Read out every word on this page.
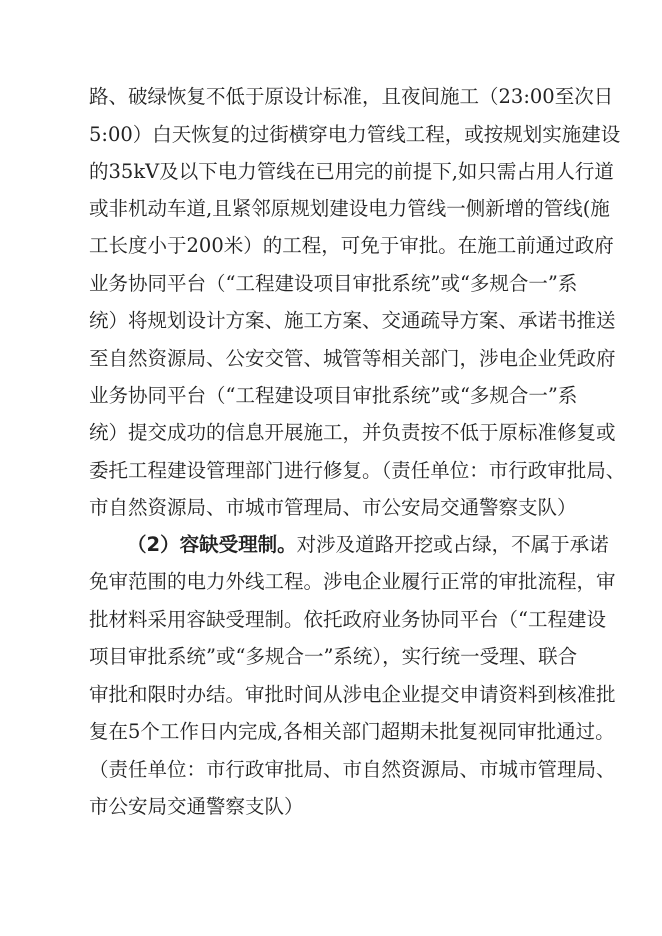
路、破绿恢复不低于原设计标准，且夜间施工（23:00至次日
5:00）白天恢复的过街横穿电力管线工程，或按规划实施建设
的35kV及以下电力管线在已用完的前提下,如只需占用人行道
或非机动车道,且紧邻原规划建设电力管线一侧新增的管线(施
工长度小于200米）的工程，可免于审批。在施工前通过政府
业务协同平台（“工程建设项目审批系统”或“多规合一”系
统）将规划设计方案、施工方案、交通疏导方案、承诺书推送
至自然资源局、公安交管、城管等相关部门，涉电企业凭政府
业务协同平台（“工程建设项目审批系统”或“多规合一”系
统）提交成功的信息开展施工，并负责按不低于原标准修复或
委托工程建设管理部门进行修复。（责任单位：市行政审批局、
市自然资源局、市城市管理局、市公安局交通警察支队）
（2）容缺受理制。对涉及道路开挖或占绿，不属于承诺
免审范围的电力外线工程。涉电企业履行正常的审批流程，审
批材料采用容缺受理制。依托政府业务协同平台（“工程建设
项目审批系统”或“多规合一”系统），实行统一受理、联合
审批和限时办结。审批时间从涉电企业提交申请资料到核准批
复在5个工作日内完成,各相关部门超期未批复视同审批通过。
（责任单位：市行政审批局、市自然资源局、市城市管理局、
市公安局交通警察支队）
